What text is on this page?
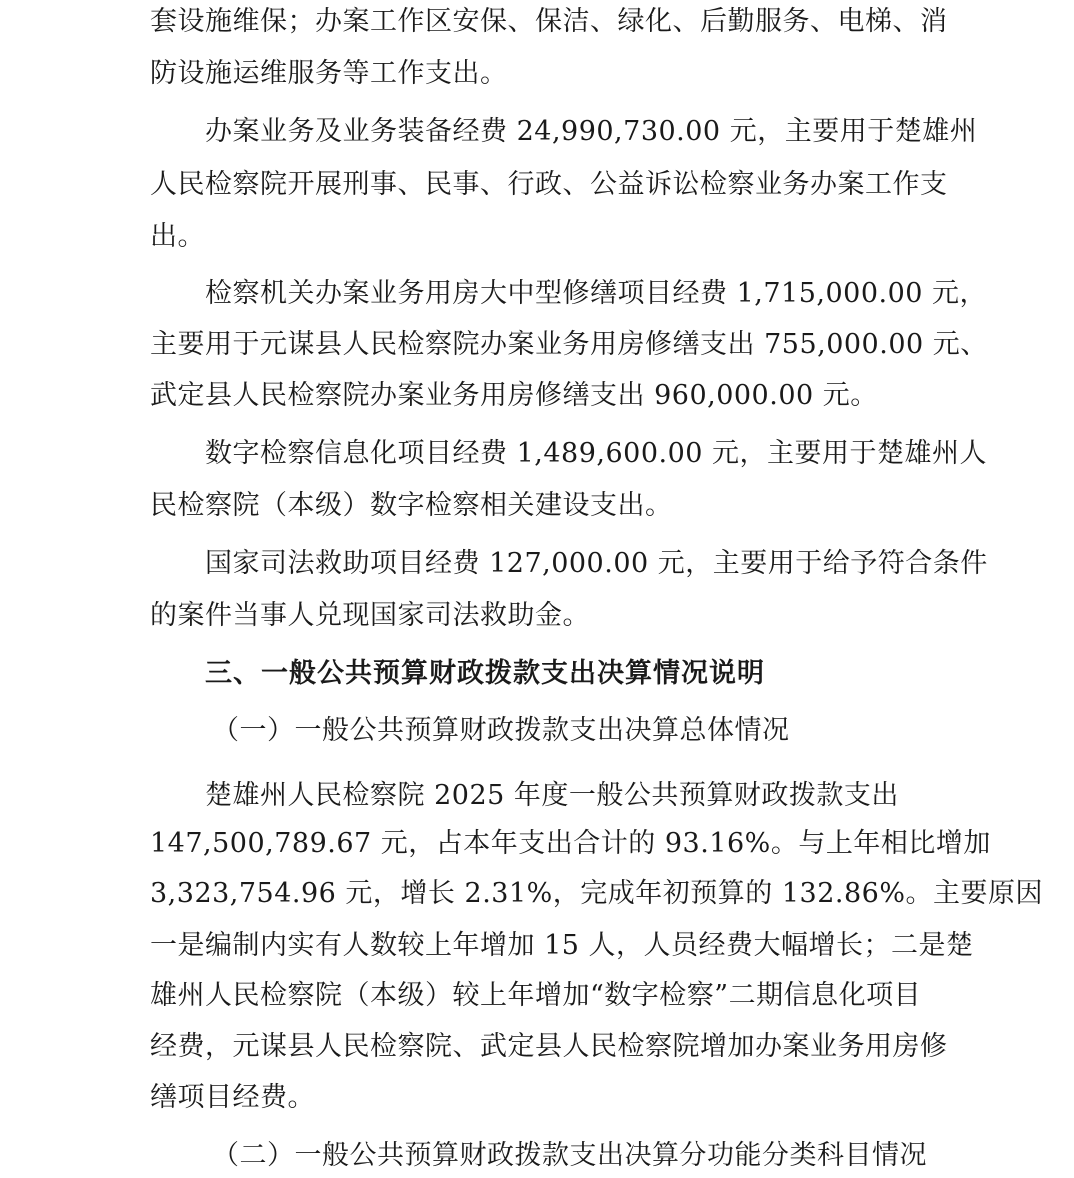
套设施维保；办案工作区安保、保洁、绿化、后勤服务、电梯、消
防设施运维服务等工作支出。
办案业务及业务装备经费 24,990,730.00 元，主要用于楚雄州
人民检察院开展刑事、民事、行政、公益诉讼检察业务办案工作支
出。
检察机关办案业务用房大中型修缮项目经费 1,715,000.00 元，
主要用于元谋县人民检察院办案业务用房修缮支出 755,000.00 元、
武定县人民检察院办案业务用房修缮支出 960,000.00 元。
数字检察信息化项目经费 1,489,600.00 元，主要用于楚雄州人
民检察院（本级）数字检察相关建设支出。
国家司法救助项目经费 127,000.00 元，主要用于给予符合条件
的案件当事人兑现国家司法救助金。
三、一般公共预算财政拨款支出决算情况说明
（一）一般公共预算财政拨款支出决算总体情况
楚雄州人民检察院 2025 年度一般公共预算财政拨款支出
147,500,789.67 元，占本年支出合计的 93.16%。与上年相比增加
3,323,754.96 元，增长 2.31%，完成年初预算的 132.86%。主要原因
一是编制内实有人数较上年增加 15 人，人员经费大幅增长；二是楚
雄州人民检察院（本级）较上年增加“数字检察”二期信息化项目
经费，元谋县人民检察院、武定县人民检察院增加办案业务用房修
缮项目经费。
（二）一般公共预算财政拨款支出决算分功能分类科目情况
